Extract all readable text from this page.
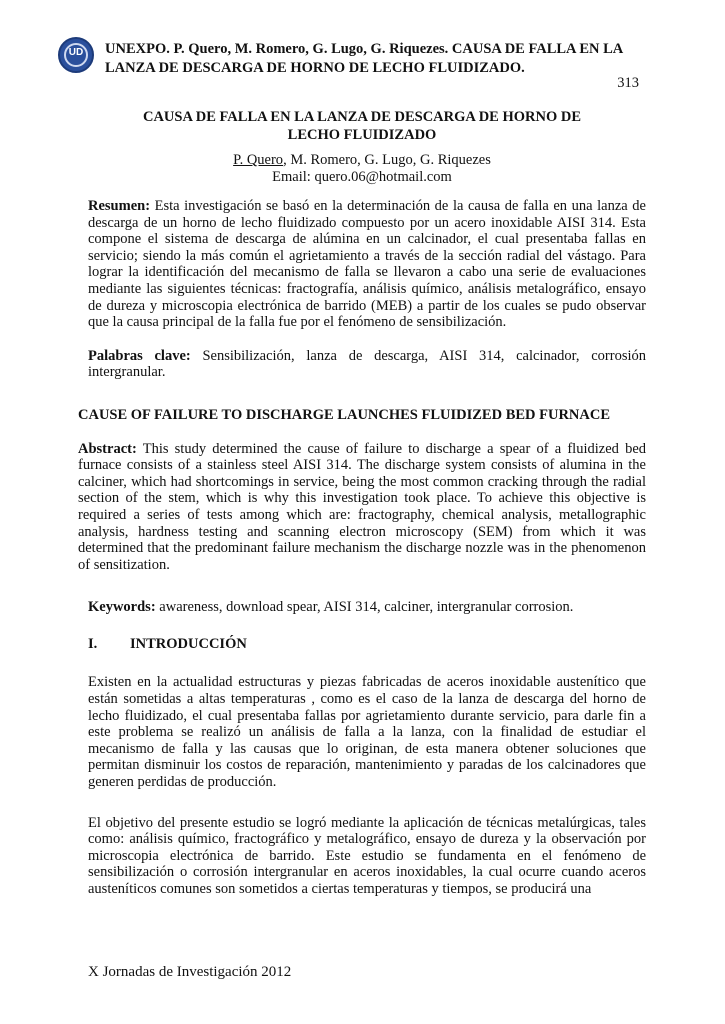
UD	UNEXPO. P. Quero, M. Romero, G. Lugo, G. Riquezes. CAUSA DE FALLA EN LA LANZA DE DESCARGA DE HORNO DE LECHO FLUIDIZADO.
313
CAUSA DE FALLA EN LA LANZA DE DESCARGA DE HORNO DE LECHO FLUIDIZADO
P. Quero, M. Romero, G. Lugo, G. Riquezes
Email: quero.06@hotmail.com

Resumen: Esta investigación se basó en la determinación de la causa de falla en una lanza de descarga de un horno de lecho fluidizado compuesto por un acero inoxidable AISI 314. Esta compone el sistema de descarga de alúmina en un calcinador, el cual presentaba fallas en servicio; siendo la más común el agrietamiento a través de la sección radial del vástago. Para lograr la identificación del mecanismo de falla se llevaron a cabo una serie de evaluaciones mediante las siguientes técnicas: fractografía, análisis químico, análisis metalográfico, ensayo de dureza y microscopia electrónica de barrido (MEB) a partir de los cuales se pudo observar que la causa principal de la falla fue por el fenómeno de sensibilización.

Palabras clave: Sensibilización, lanza de descarga, AISI 314, calcinador, corrosión intergranular.

CAUSE OF FAILURE TO DISCHARGE LAUNCHES FLUIDIZED BED FURNACE

Abstract: This study determined the cause of failure to discharge a spear of a fluidized bed furnace consists of a stainless steel AISI 314. The discharge system consists of alumina in the calciner, which had shortcomings in service, being the most common cracking through the radial section of the stem, which is why this investigation took place. To achieve this objective is required a series of tests among which are: fractography, chemical analysis, metallographic analysis, hardness testing and scanning electron microscopy (SEM) from which it was determined that the predominant failure mechanism the discharge nozzle was in the phenomenon of sensitization.

Keywords: awareness, download spear, AISI 314, calciner, intergranular corrosion.

I.	INTRODUCCIÓN

Existen en la actualidad estructuras y piezas fabricadas de aceros inoxidable austenítico que están sometidas a altas temperaturas , como es el caso de la lanza de descarga del horno de lecho fluidizado, el cual presentaba fallas por agrietamiento durante servicio, para darle fin a este problema se realizó un análisis de falla a la lanza, con la finalidad de estudiar el mecanismo de falla y las causas que lo originan, de esta manera obtener soluciones que permitan disminuir los costos de reparación, mantenimiento y paradas de los calcinadores que generen perdidas de producción.

El objetivo del presente estudio se logró mediante la aplicación de técnicas metalúrgicas, tales como: análisis químico, fractográfico y metalográfico, ensayo de dureza y la observación por microscopia electrónica de barrido. Este estudio se fundamenta en el fenómeno de sensibilización o corrosión intergranular en aceros inoxidables, la cual ocurre cuando aceros austeníticos comunes son sometidos a ciertas temperaturas y tiempos, se producirá una

X Jornadas de Investigación 2012
